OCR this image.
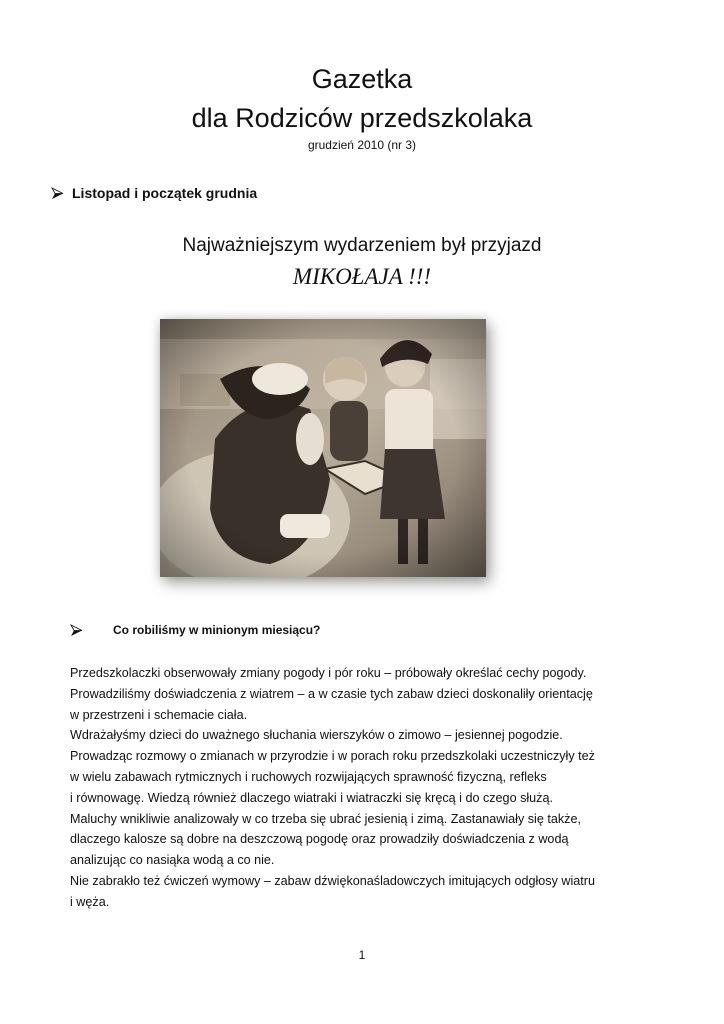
Gazetka
dla Rodziców przedszkolaka
grudzień 2010 (nr 3)
Listopad i początek grudnia
Najważniejszym wydarzeniem był przyjazd
MIKOŁAJA !!!
Co robiliśmy w minionym miesiącu?

Przedszkolaczki obserwowały zmiany pogody i pór roku – próbowały określać cechy pogody.

Prowadziliśmy doświadczenia z wiatrem – a w czasie tych zabaw dzieci doskonaliły orientację

w przestrzeni i schemacie ciała.

Wdrażałyśmy dzieci do uważnego słuchania wierszyków o zimowo – jesiennej pogodzie.

Prowadząc rozmowy o zmianach w przyrodzie i w porach roku przedszkolaki uczestniczyły też

w wielu zabawach rytmicznych i ruchowych rozwijających sprawność fizyczną, refleks

i równowagę. Wiedzą również dlaczego wiatraki i wiatraczki się kręcą i do czego służą.

Maluchy wnikliwie analizowały w co trzeba się ubrać jesienią i zimą. Zastanawiały się także,

dlaczego kalosze są dobre na deszczową pogodę oraz prowadziły doświadczenia z wodą

analizując co nasiąka wodą a co nie.

Nie zabrakło też ćwiczeń wymowy – zabaw dźwiękonaśladowczych imitujących odgłosy wiatru

i węża.

1
